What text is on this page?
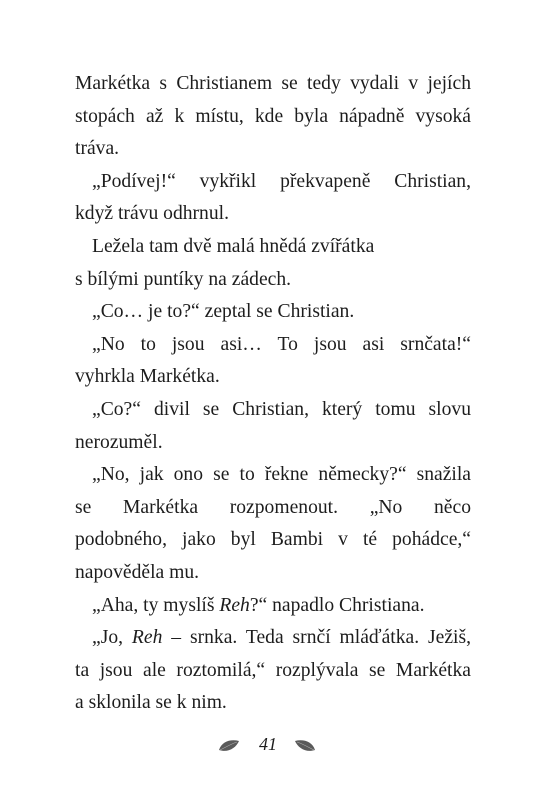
Markétka s Christianem se tedy vydali v jejích
stopách až k místu, kde byla nápadně vysoká
tráva.

„Podívej!“ vykřikl překvapeně Christian,
když trávu odhrnul.

Ležela tam dvě malá hnědá zvířátka
s bílými puntíky na zádech.

„Co… je to?“ zeptal se Christian.

„No to jsou asi… To jsou asi srnčata!“
vyhrkla Markétka.

„Co?“ divil se Christian, který tomu slovu
nerozuměl.

„No, jak ono se to řekne německy?“ snažila
se Markétka rozpomenout. „No něco
podobného, jako byl Bambi v té pohádce,“
napověděla mu.

„Aha, ty myslíš Reh?“ napadlo Christiana.

„Jo, Reh – srnka. Teda srnčí mláďátka. Ježiš,
ta jsou ale roztomilá,“ rozplývala se Markétka
a sklonila se k nim.

41
